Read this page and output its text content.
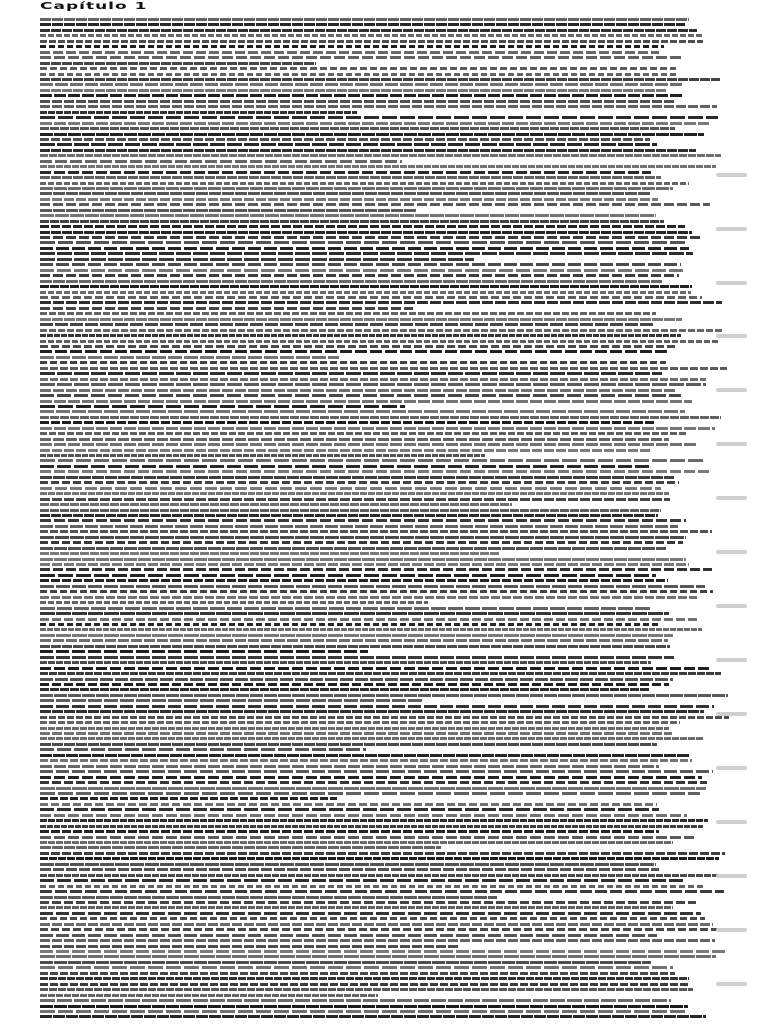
Capítulo 1
